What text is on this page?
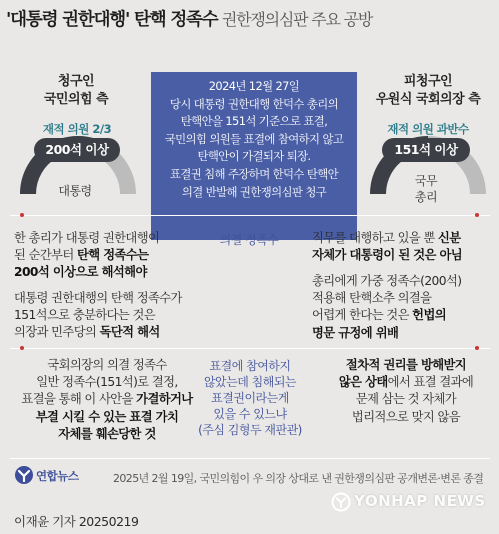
'대통령 권한대행' 탄핵 정족수 권한쟁의심판 주요 공방
청구인
국민의힘 측
재적 의원 2/3
200석 이상
대통령
2024년 12월 27일
당시 대통령 권한대행 한덕수 총리의
탄핵안을 151석 기준으로 표결,
국민의힘 의원들 표결에 참여하지 않고
탄핵안이 가결되자 퇴장.
표결권 침해 주장하며 한덕수 탄핵안
의결 반발해 권한쟁의심판 청구
피청구인
우원식 국회의장 측
재적 의원 과반수
151석 이상
국무
총리
의결 정족수
한 총리가 대통령 권한대행이
된 순간부터 탄핵 정족수는
200석 이상으로 해석해야
대통령 권한대행의 탄핵 정족수가
151석으로 충분하다는 것은
의장과 민주당의 독단적 해석
직무를 대행하고 있을 뿐 신분
자체가 대통령이 된 것은 아님
총리에게 가중 정족수(200석)
적용해 탄핵소추 의결을
어렵게 한다는 것은 헌법의
명문 규정에 위배
표결에 참여하지
않았는데 침해되는
표결권이라는게
있을 수 있느냐
(주심 김형두 재판관)
국회의장의 의결 정족수
일반 정족수(151석)로 결정,
표결을 통해 이 사안을 가결하거나
부결 시킬 수 있는 표결 가치
자체를 훼손당한 것
절차적 권리를 방해받지
않은 상태에서 표결 결과에
문제 삼는 것 자체가
법리적으로 맞지 않음
연합뉴스	2025년 2월 19일, 국민의힘이 우 의장 상대로 낸 권한쟁의심판 공개변론·변론 종결
YONHAP NEWS
이재윤 기자 20250219
